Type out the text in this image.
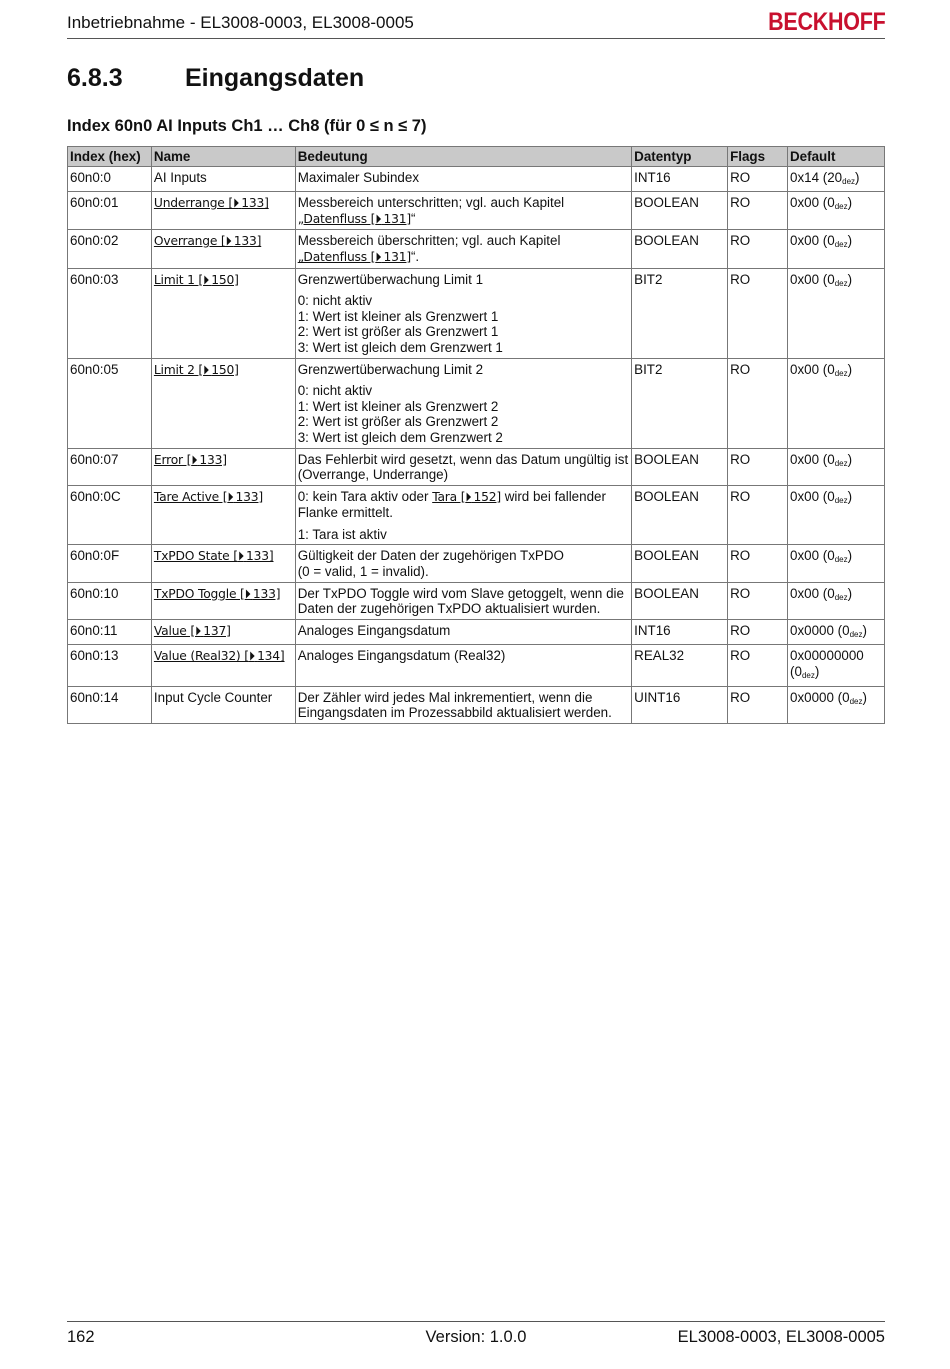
Inbetriebnahme - EL3008-0003, EL3008-0005	BECKHOFF
6.8.3 Eingangsdaten
Index 60n0 AI Inputs Ch1 … Ch8 (für 0 ≤ n ≤ 7)
Index (hex)	Name	Bedeutung	Datentyp	Flags	Default
60n0:0	AI Inputs	Maximaler Subindex	INT16	RO	0x14 $(20_{dez})$
60n0:01	Underrange [⏵  133]	Messbereich unterschritten; vgl. auch Kapitel
„Datenfluss [⏵  131]“	BOOLEAN	RO	0x00 $(0_{dez})$
60n0:02	Overrange [⏵  133]	Messbereich überschritten; vgl. auch Kapitel
„Datenfluss [⏵  131]“.	BOOLEAN	RO	0x00 $(0_{dez})$
60n0:03	Limit 1 [⏵  150]	Grenzwertüberwachung Limit 1
0: nicht aktiv
1: Wert ist kleiner als Grenzwert 1
2: Wert ist größer als Grenzwert 1
3: Wert ist gleich dem Grenzwert 1	BIT2	RO	0x00 $(0_{dez})$
60n0:05	Limit 2 [⏵  150]	Grenzwertüberwachung Limit 2
0: nicht aktiv
1: Wert ist kleiner als Grenzwert 2
2: Wert ist größer als Grenzwert 2
3: Wert ist gleich dem Grenzwert 2	BIT2	RO	0x00 $(0_{dez})$
60n0:07	Error [⏵  133]	Das Fehlerbit wird gesetzt, wenn das Datum ungültig ist (Overrange, Underrange)	BOOLEAN	RO	0x00 $(0_{dez})$
60n0:0C	Tare Active [⏵  133]	0: kein Tara aktiv oder Tara [⏵  152] wird bei fallender Flanke ermittelt.
1: Tara ist aktiv	BOOLEAN	RO	0x00 $(0_{dez})$
60n0:0F	TxPDO State [⏵  133]	Gültigkeit der Daten der zugehörigen TxPDO
(0 = valid, 1 = invalid).	BOOLEAN	RO	0x00 $(0_{dez})$
60n0:10	TxPDO Toggle [⏵  133]	Der TxPDO Toggle wird vom Slave getoggelt, wenn die Daten der zugehörigen TxPDO aktualisiert wurden.	BOOLEAN	RO	0x00 $(0_{dez})$
60n0:11	Value [⏵  137]	Analoges Eingangsdatum	INT16	RO	0x0000 $(0_{dez})$
60n0:13	Value (Real32) [⏵  134]	Analoges Eingangsdatum (Real32)	REAL32	RO	0x00000000
$(0_{dez})$
60n0:14	Input Cycle Counter	Der Zähler wird jedes Mal inkrementiert, wenn die Eingangsdaten im Prozessabbild aktualisiert werden.	UINT16	RO	0x0000 $(0_{dez})$
162	Version: 1.0.0	EL3008-0003, EL3008-0005
